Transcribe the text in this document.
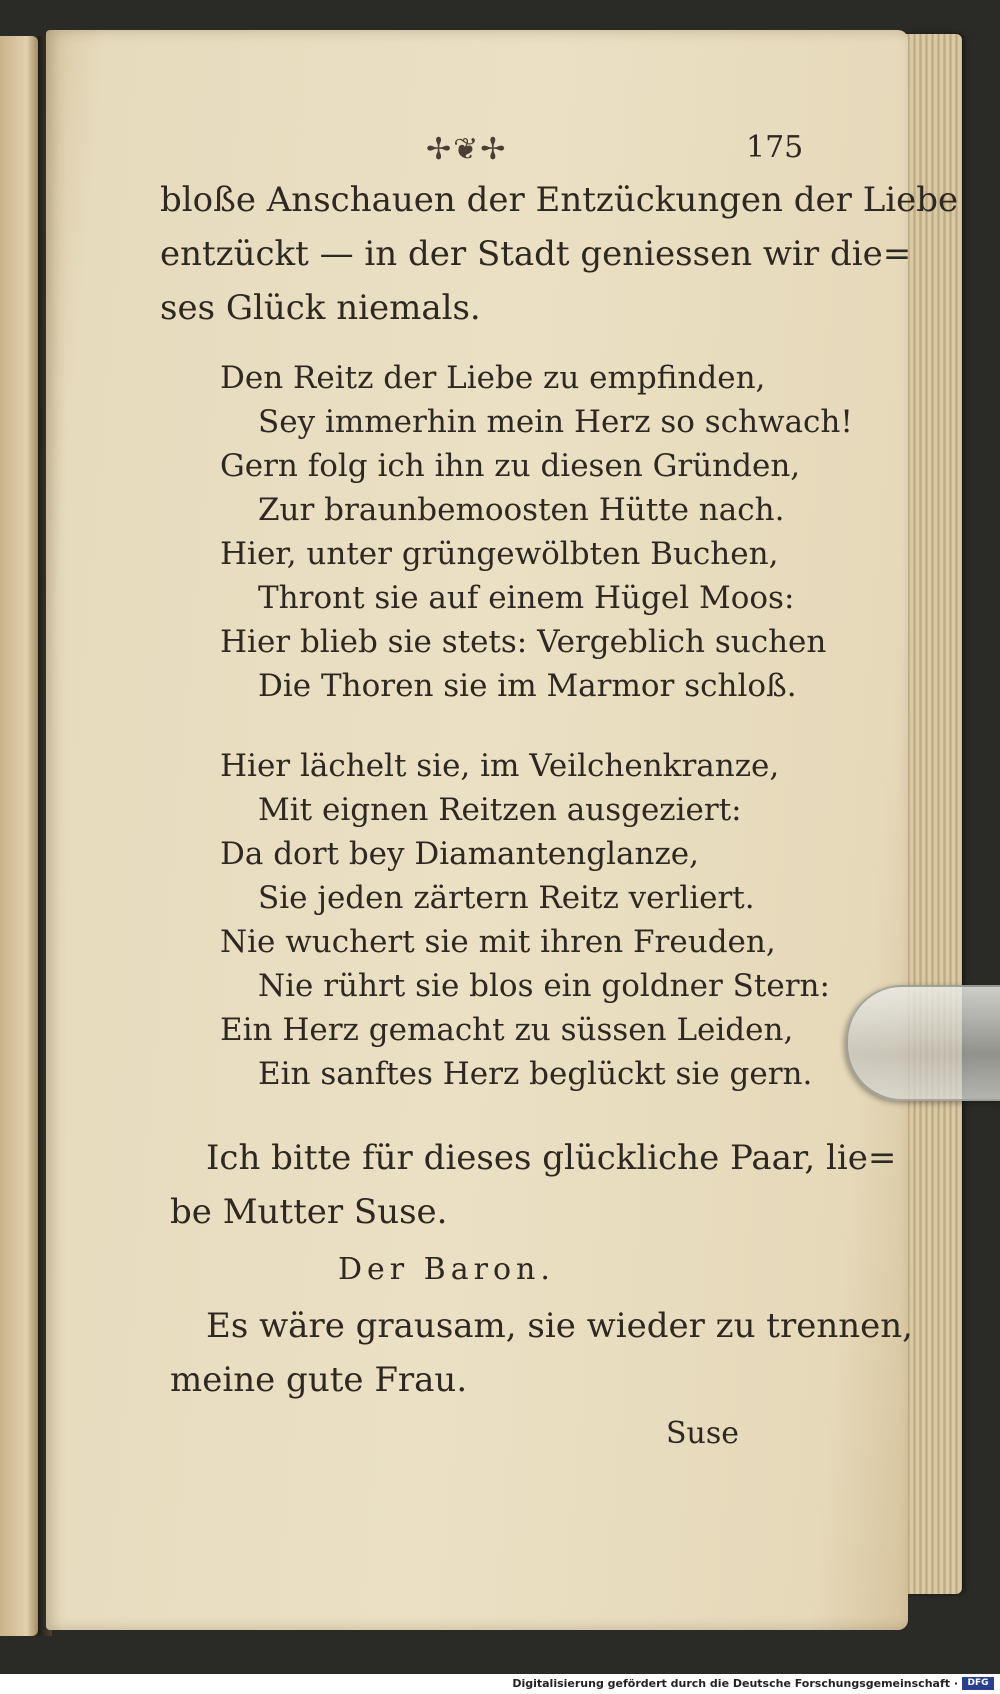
✢❦✢	175
bloße Anschauen der Entzückungen der Liebe
entzückt — in der Stadt geniessen wir die=
ses Glück niemals.
Den Reitz der Liebe zu empfinden,
Sey immerhin mein Herz so schwach!
Gern folg ich ihn zu diesen Gründen,
Zur braunbemoosten Hütte nach.
Hier, unter grüngewölbten Buchen,
Thront sie auf einem Hügel Moos:
Hier blieb sie stets: Vergeblich suchen
Die Thoren sie im Marmor schloß.
Hier lächelt sie, im Veilchenkranze,
Mit eignen Reitzen ausgeziert:
Da dort bey Diamantenglanze,
Sie jeden zärtern Reitz verliert.
Nie wuchert sie mit ihren Freuden,
Nie rührt sie blos ein goldner Stern:
Ein Herz gemacht zu süssen Leiden,
Ein sanftes Herz beglückt sie gern.
Ich bitte für dieses glückliche Paar, lie=
be Mutter Suse.
Der Baron.
Es wäre grausam, sie wieder zu trennen,
meine gute Frau.
Suse
Digitalisierung gefördert durch die Deutsche Forschungsgemeinschaft ·	DFG
